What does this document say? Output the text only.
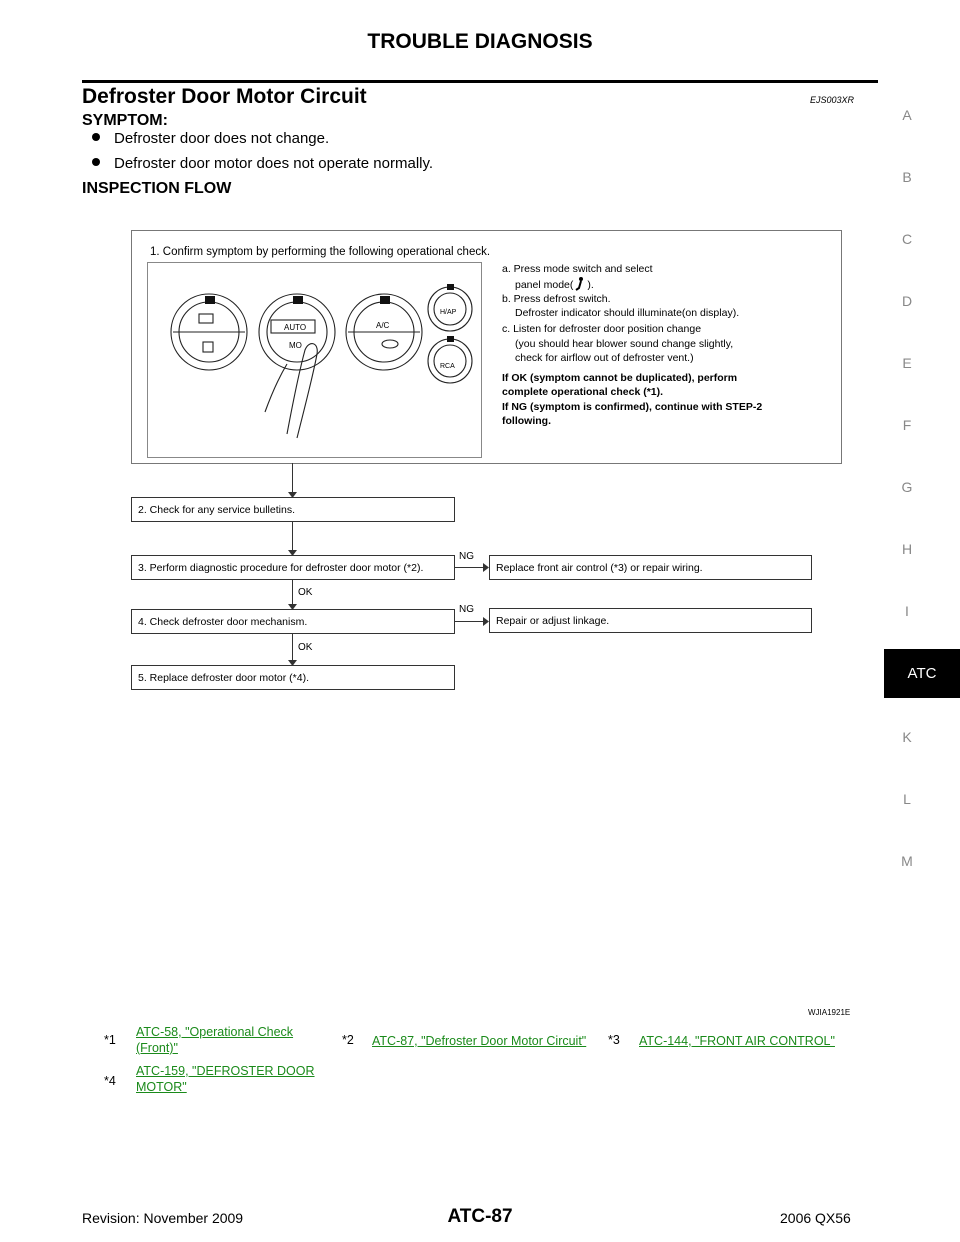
TROUBLE DIAGNOSIS
Defroster Door Motor Circuit	EJS003XR
SYMPTOM:
Defroster door does not change.
Defroster door motor does not operate normally.
INSPECTION FLOW
A
B
C
D
E
F
G
H
I
ATC
K
L
M
1. Confirm symptom by performing the following operational check.
AUTO
MO
A/C
H/AP
RCA
a. Press mode switch and select
panel mode( ).
b. Press defrost switch.
Defroster indicator should illuminate(on display).
c. Listen for defroster door position change
(you should hear blower sound change slightly,
check for airflow out of defroster vent.)
If OK (symptom cannot be duplicated), perform
complete operational check (*1).
If NG (symptom is confirmed), continue with STEP-2
following.
2. Check for any service bulletins.
3. Perform diagnostic procedure for defroster door motor (*2).	Replace front air control (*3) or repair wiring.
4. Check defroster door mechanism.	Repair or adjust linkage.
5. Replace defroster door motor (*4).
NG
OK
NG
OK
WJIA1921E
*1
ATC-58, "Operational Check (Front)"
*2 ATC-87, "Defroster Door Motor Circuit" *3 ATC-144, "FRONT AIR CONTROL"
*4
ATC-159, "DEFROSTER DOOR MOTOR"
Revision: November 2009	ATC-87	2006 QX56
